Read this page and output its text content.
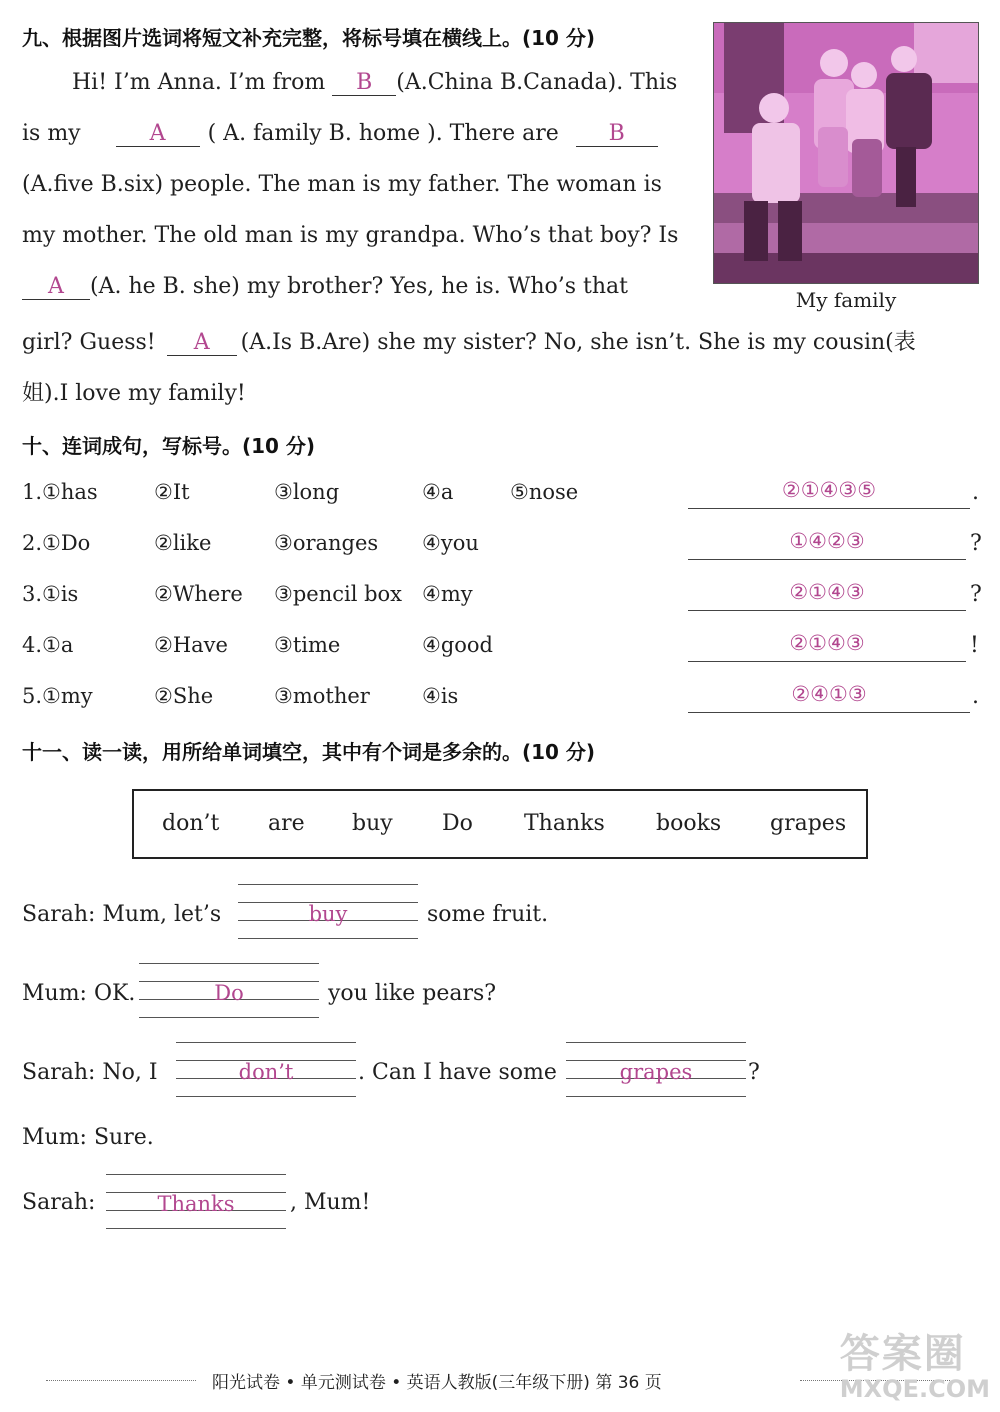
九、根据图片选词将短文补充完整，将标号填在横线上。(10 分)
Hi! I’m Anna. I’m from B (A.China B.Canada). This
is my	A ( A. family B. home ). There are B
(A.five B.six) people. The man is my father. The woman is
my mother. The old man is my grandpa. Who’s that boy? Is
A (A. he B. she) my brother? Yes, he is. Who’s that
girl? Guess! A (A.Is B.Are) she my sister? No, she isn’t. She is my cousin(表
姐).I love my family!
My family
十、连词成句，写标号。(10 分)
1. ①has	②It	③long	④a	⑤nose	②①④③⑤	.
2. ①Do	②like	③oranges ④you	①④②③	?
3. ①is	②Where ③pencil box ④my	②①④③	?
4. ①a	②Have ③time	④good	②①④③	!
5. ①my	②She	③mother ④is	②④①③	.
十一、读一读，用所给单词填空，其中有个词是多余的。(10 分)
don’t are buy Do Thanks books grapes
Sarah: Mum, let’s	buy	some fruit.
Mum: OK.	Do	you like pears?
Sarah: No, I	don’t	. Can I have some	grapes	?
Mum: Sure.
Sarah:	Thanks	, Mum!
阳光试卷 • 单元测试卷 • 英语人教版(三年级下册) 第 36 页
答案圈
MXQE.COM
